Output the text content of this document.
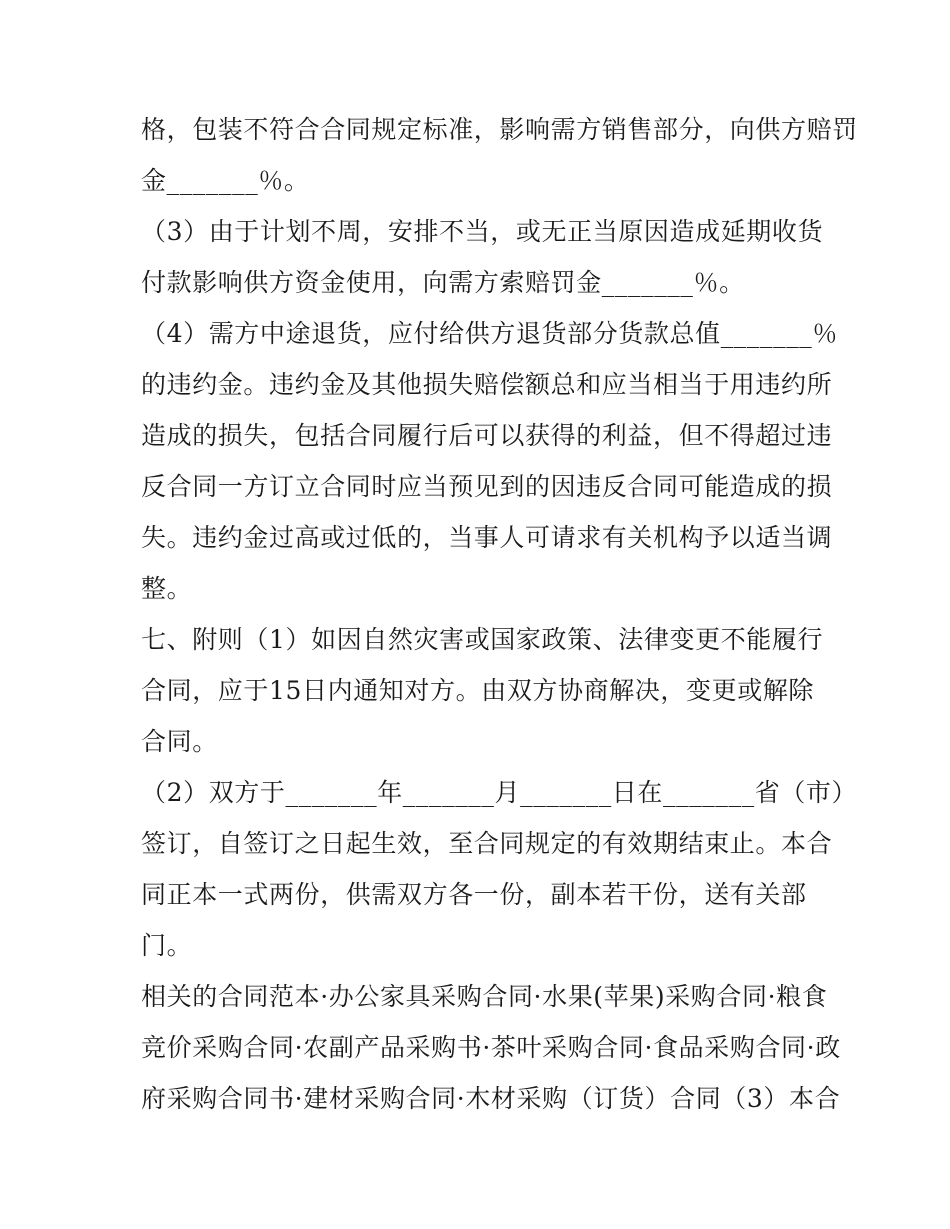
格，包装不符合合同规定标准，影响需方销售部分，向供方赔罚
金_______％。
（3）由于计划不周，安排不当，或无正当原因造成延期收货
付款影响供方资金使用，向需方索赔罚金_______％。
（4）需方中途退货，应付给供方退货部分货款总值_______％
的违约金。违约金及其他损失赔偿额总和应当相当于用违约所
造成的损失，包括合同履行后可以获得的利益，但不得超过违
反合同一方订立合同时应当预见到的因违反合同可能造成的损
失。违约金过高或过低的，当事人可请求有关机构予以适当调
整。
七、附则（1）如因自然灾害或国家政策、法律变更不能履行
合同，应于15日内通知对方。由双方协商解决，变更或解除
合同。
（2）双方于_______年_______月_______日在_______省（市）
签订，自签订之日起生效，至合同规定的有效期结束止。本合
同正本一式两份，供需双方各一份，副本若干份，送有关部
门。
相关的合同范本·办公家具采购合同·水果(苹果)采购合同·粮食
竞价采购合同·农副产品采购书·茶叶采购合同·食品采购合同·政
府采购合同书·建材采购合同·木材采购（订货）合同（3）本合
